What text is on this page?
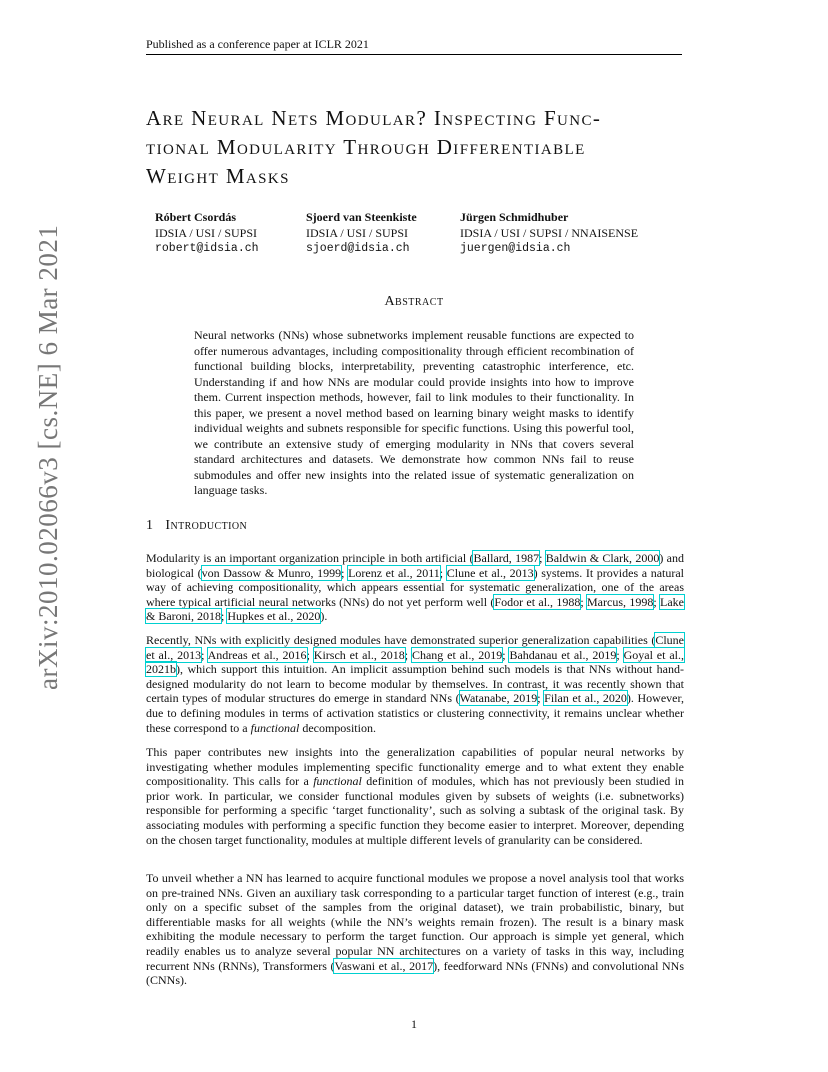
Published as a conference paper at ICLR 2021
arXiv:2010.02066v3 [cs.NE] 6 Mar 2021
Are Neural Nets Modular? Inspecting Func-
tional Modularity Through Differentiable
Weight Masks
Róbert Csordás
IDSIA / USI / SUPSI
robert@idsia.ch
Sjoerd van Steenkiste
IDSIA / USI / SUPSI
sjoerd@idsia.ch
Jürgen Schmidhuber
IDSIA / USI / SUPSI / NNAISENSE
juergen@idsia.ch
Abstract

Neural networks (NNs) whose subnetworks implement reusable functions are expected to offer numerous advantages, including compositionality through efficient recombination of functional building blocks, interpretability, preventing catastrophic interference, etc. Understanding if and how NNs are modular could provide insights into how to improve them. Current inspection methods, however, fail to link modules to their functionality. In this paper, we present a novel method based on learning binary weight masks to identify individual weights and subnets responsible for specific functions. Using this powerful tool, we contribute an extensive study of emerging modularity in NNs that covers several standard architectures and datasets. We demonstrate how common NNs fail to reuse submodules and offer new insights into the related issue of systematic generalization on language tasks.

1 Introduction

Modularity is an important organization principle in both artificial (Ballard, 1987; Baldwin & Clark, 2000) and biological (von Dassow & Munro, 1999; Lorenz et al., 2011; Clune et al., 2013) systems. It provides a natural way of achieving compositionality, which appears essential for systematic generalization, one of the areas where typical artificial neural networks (NNs) do not yet perform well (Fodor et al., 1988; Marcus, 1998; Lake & Baroni, 2018; Hupkes et al., 2020).

Recently, NNs with explicitly designed modules have demonstrated superior generalization capabilities (Clune et al., 2013; Andreas et al., 2016; Kirsch et al., 2018; Chang et al., 2019; Bahdanau et al., 2019; Goyal et al., 2021b), which support this intuition. An implicit assumption behind such models is that NNs without hand-designed modularity do not learn to become modular by themselves. In contrast, it was recently shown that certain types of modular structures do emerge in standard NNs (Watanabe, 2019; Filan et al., 2020). However, due to defining modules in terms of activation statistics or clustering connectivity, it remains unclear whether these correspond to a functional decomposition.

This paper contributes new insights into the generalization capabilities of popular neural networks by investigating whether modules implementing specific functionality emerge and to what extent they enable compositionality. This calls for a functional definition of modules, which has not previously been studied in prior work. In particular, we consider functional modules given by subsets of weights (i.e. subnetworks) responsible for performing a specific ‘target functionality’, such as solving a subtask of the original task. By associating modules with performing a specific function they become easier to interpret. Moreover, depending on the chosen target functionality, modules at multiple different levels of granularity can be considered.

To unveil whether a NN has learned to acquire functional modules we propose a novel analysis tool that works on pre-trained NNs. Given an auxiliary task corresponding to a particular target function of interest (e.g., train only on a specific subset of the samples from the original dataset), we train probabilistic, binary, but differentiable masks for all weights (while the NN’s weights remain frozen). The result is a binary mask exhibiting the module necessary to perform the target function. Our approach is simple yet general, which readily enables us to analyze several popular NN architectures on a variety of tasks in this way, including recurrent NNs (RNNs), Transformers (Vaswani et al., 2017), feedforward NNs (FNNs) and convolutional NNs (CNNs).

1
